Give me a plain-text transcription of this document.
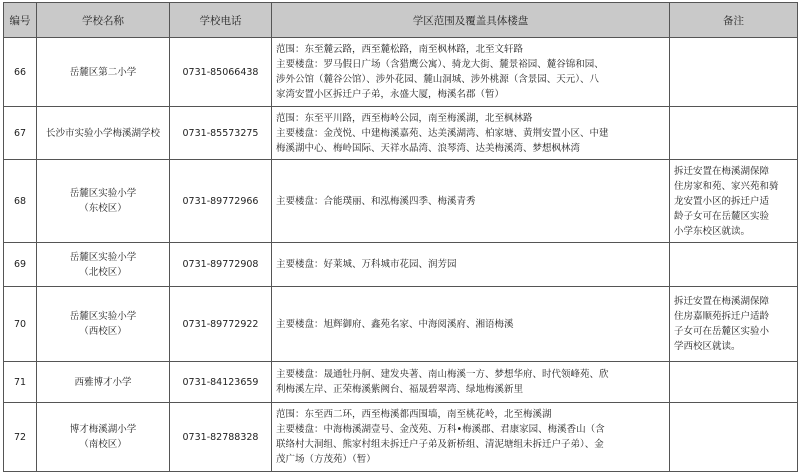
编号	学校名称	学校电话	学区范围及覆盖具体楼盘	备注
66	岳麓区第二小学	0731-85066438	范围：东至麓云路，西至麓松路，南至枫林路，北至文轩路
主要楼盘：罗马假日广场（含猎鹰公寓）、骑龙大街、麓景裕园、麓谷锦和园、
涉外公馆（麓谷公馆）、涉外花园、麓山洞城、涉外桃源（含景园、天元）、八
家湾安置小区拆迁户子弟，永盛大厦，梅溪名郡（暂）	

67	长沙市实验小学梅溪湖学校	0731-85573275	范围：东至平川路，西至梅岭公园，南至梅溪湖，北至枫林路
主要楼盘：金茂悦、中建梅溪嘉苑、达美溪湖湾、柏家塘、黄荆安置小区、中建
梅溪湖中心、梅岭国际、天祥水晶湾、浪琴湾、达美梅溪湾、梦想枫林湾	

68	岳麓区实验小学
（东校区）	0731-89772966	主要楼盘：合能璞丽、和泓梅溪四季、梅溪青秀	拆迁安置在梅溪湖保障
住房家和苑、家兴苑和骑
龙安置小区的拆迁户适
龄子女可在岳麓区实验
小学东校区就读。

69	岳麓区实验小学
（北校区）	0731-89772908	主要楼盘：好莱城、万科城市花园、润芳园	

70	岳麓区实验小学
（西校区）	0731-89772922	主要楼盘：旭辉御府、鑫苑名家、中海阅溪府、湘语梅溪	拆迁安置在梅溪湖保障
住房嘉顺苑拆迁户适龄
子女可在岳麓区实验小
学西校区就读。

71	西雅博才小学	0731-84123659	主要楼盘：晟通牡丹舸、建发央著、南山梅溪一方、梦想华府、时代领峰苑、欣
利梅溪左岸、正荣梅溪紫阙台、福晟碧翠湾、绿地梅溪新里	

72	博才梅溪湖小学
（南校区）	0731-82788328	范围：东至西二环，西至梅溪都西围墙，南至桃花岭，北至梅溪湖
主要楼盘：中海梅溪湖壹号、金茂苑、万科•梅溪郡、君康家园、梅溪香山（含
联络村大洞组、熊家村组未拆迁户子弟及新桥组、清泥塘组未拆迁户子弟）、金
茂广场（方茂苑）（暂）	
